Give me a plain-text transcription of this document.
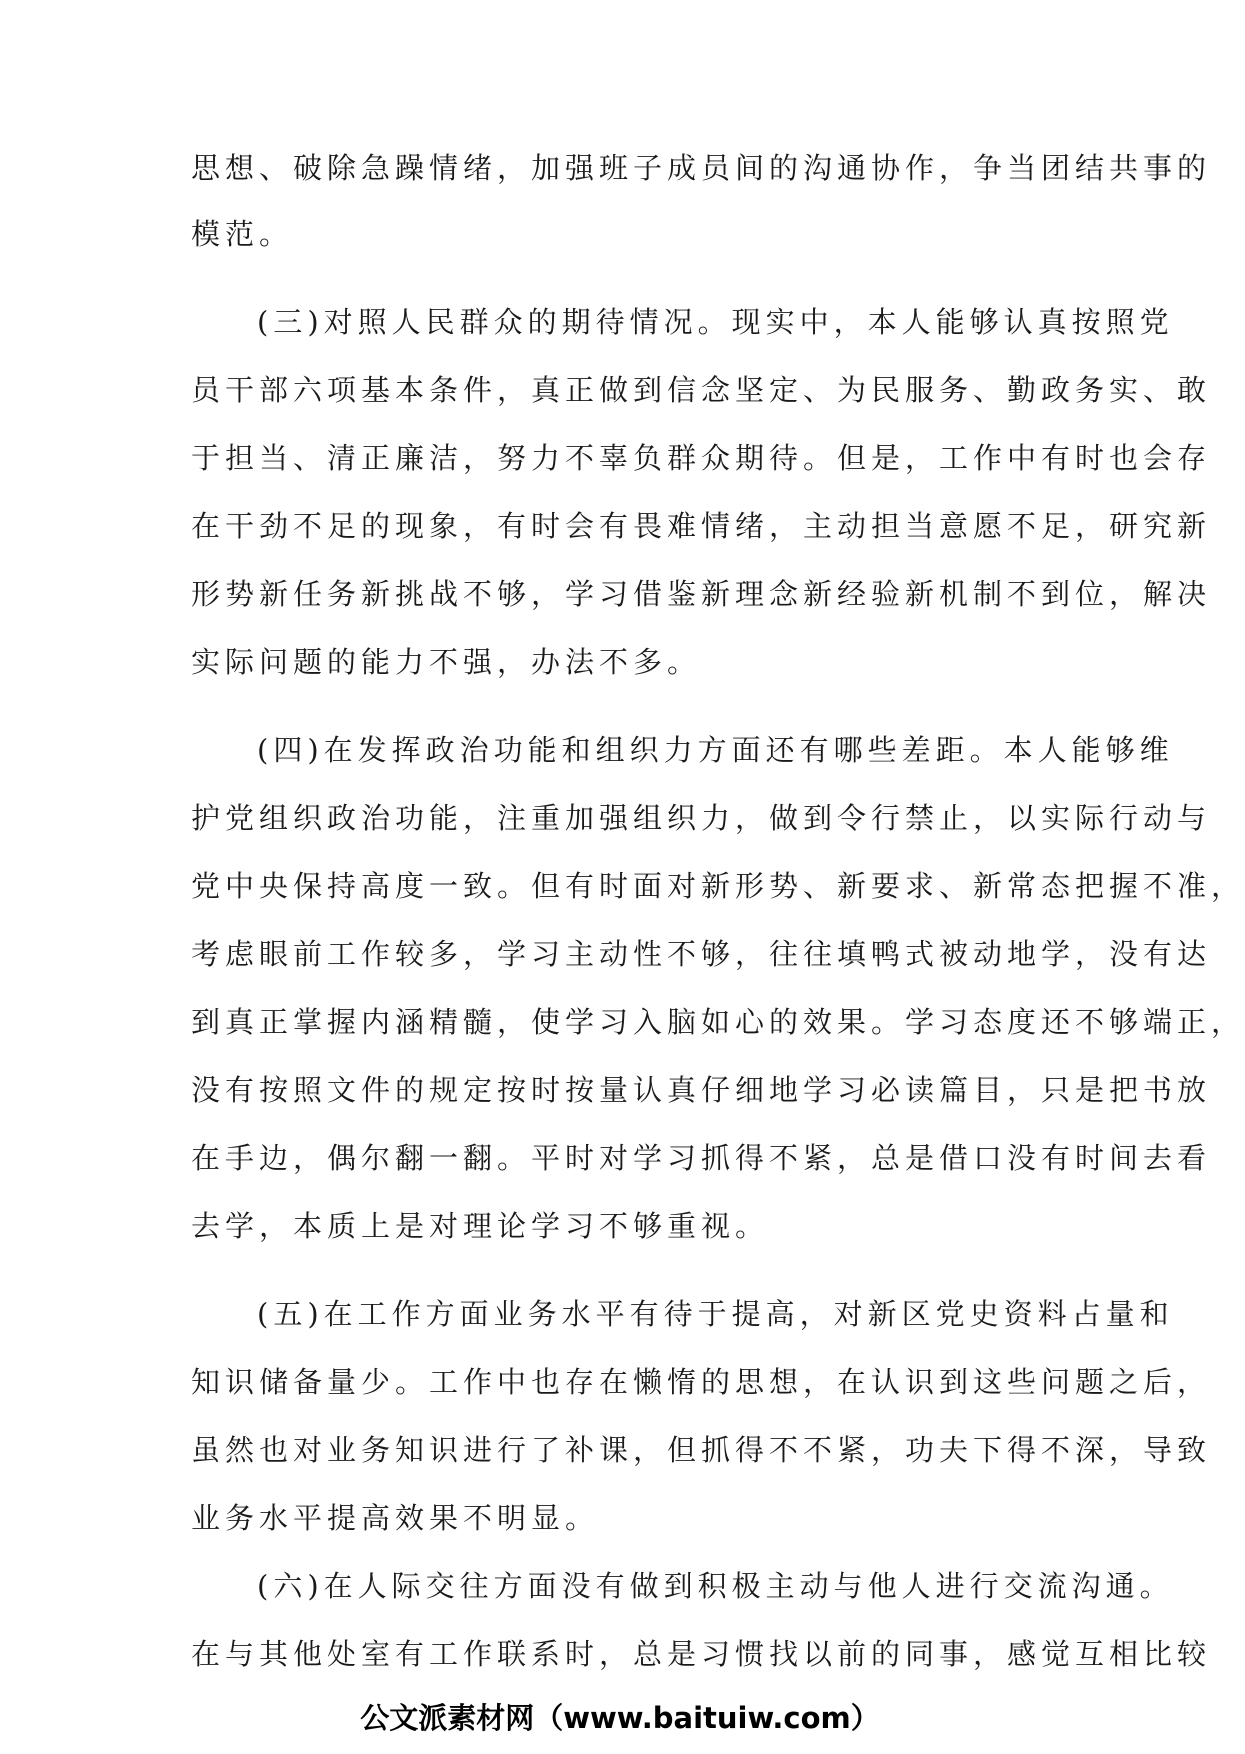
思想、破除急躁情绪，加强班子成员间的沟通协作，争当团结共事的
模范。
(三)对照人民群众的期待情况。现实中，本人能够认真按照党
员干部六项基本条件，真正做到信念坚定、为民服务、勤政务实、敢
于担当、清正廉洁，努力不辜负群众期待。但是，工作中有时也会存
在干劲不足的现象，有时会有畏难情绪，主动担当意愿不足，研究新
形势新任务新挑战不够，学习借鉴新理念新经验新机制不到位，解决
实际问题的能力不强，办法不多。
(四)在发挥政治功能和组织力方面还有哪些差距。本人能够维
护党组织政治功能，注重加强组织力，做到令行禁止，以实际行动与
党中央保持高度一致。但有时面对新形势、新要求、新常态把握不准，
考虑眼前工作较多，学习主动性不够，往往填鸭式被动地学，没有达
到真正掌握内涵精髓，使学习入脑如心的效果。学习态度还不够端正，
没有按照文件的规定按时按量认真仔细地学习必读篇目，只是把书放
在手边，偶尔翻一翻。平时对学习抓得不紧，总是借口没有时间去看
去学，本质上是对理论学习不够重视。
(五)在工作方面业务水平有待于提高，对新区党史资料占量和
知识储备量少。工作中也存在懒惰的思想，在认识到这些问题之后，
虽然也对业务知识进行了补课，但抓得不不紧，功夫下得不深，导致
业务水平提高效果不明显。
(六)在人际交往方面没有做到积极主动与他人进行交流沟通。
在与其他处室有工作联系时，总是习惯找以前的同事，感觉互相比较
公文派素材网（www.baituiw.com）
